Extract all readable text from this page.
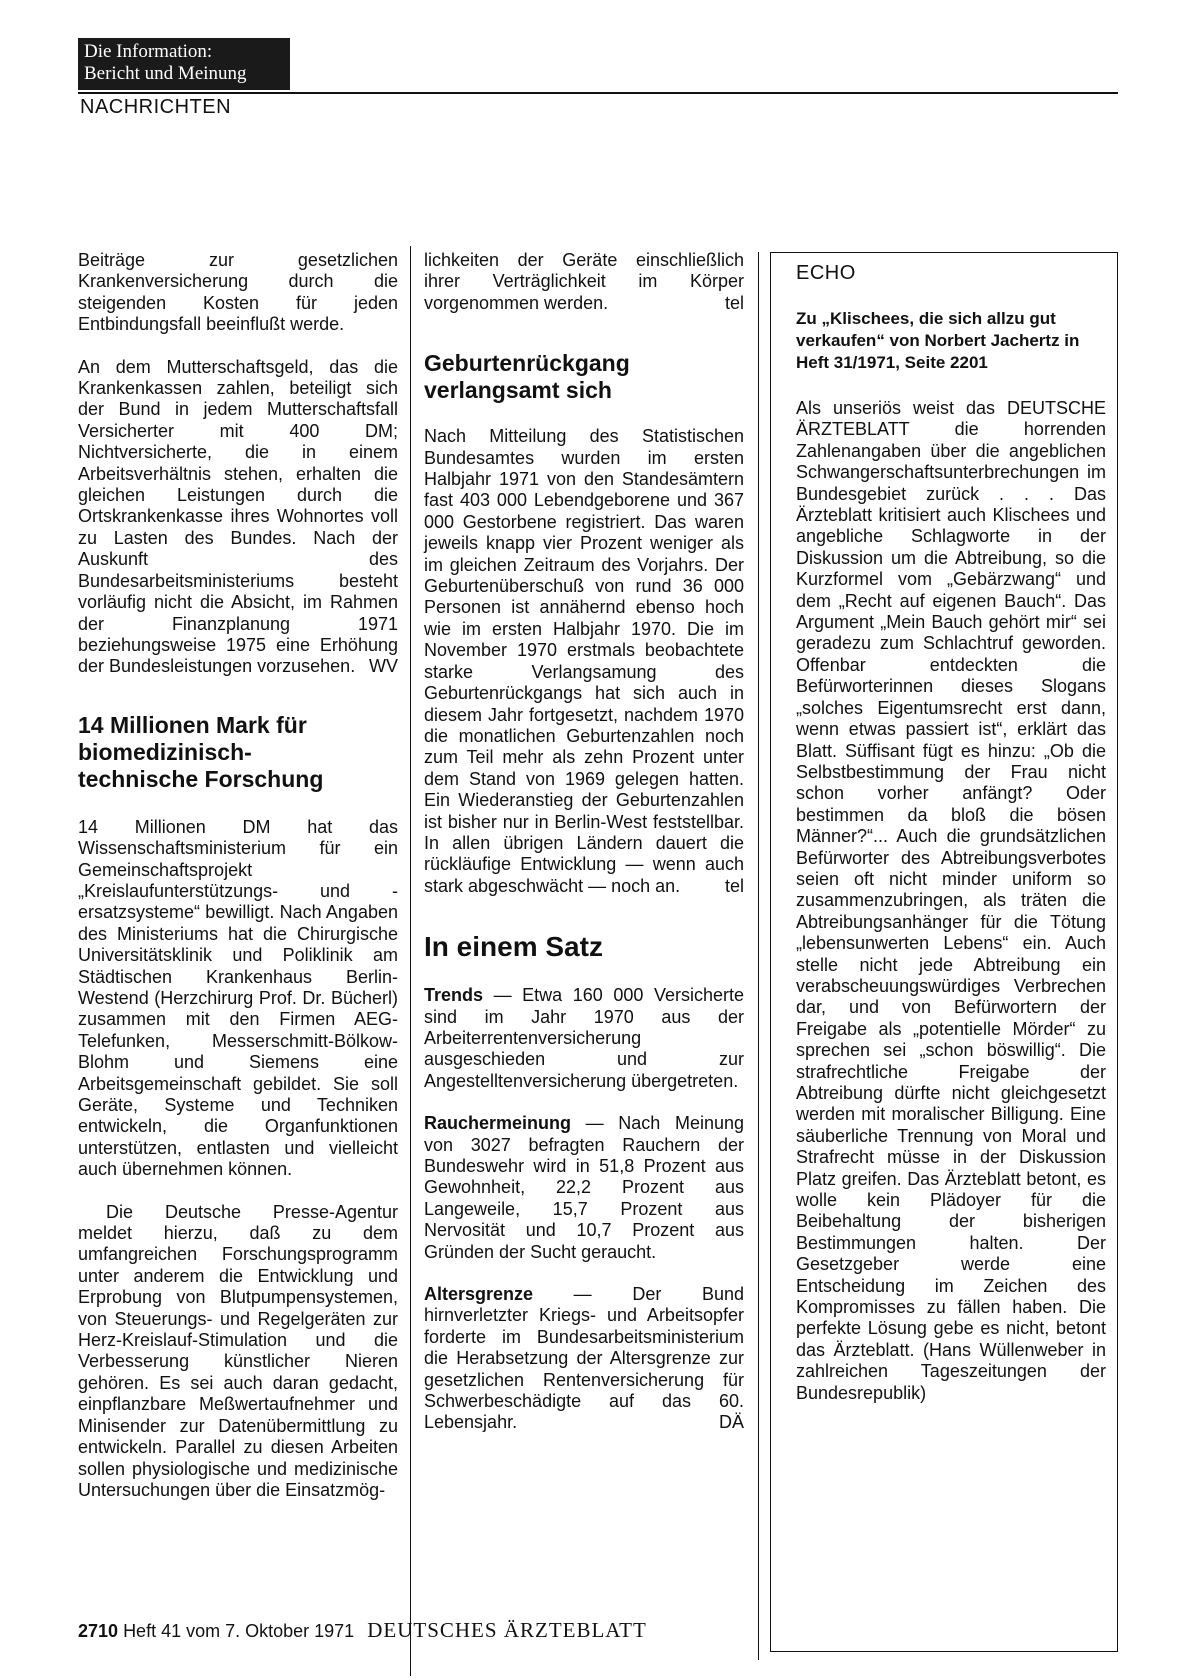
Die Information:
Bericht und Meinung
NACHRICHTEN

Beiträge zur gesetzlichen Krankenversicherung durch die steigenden Kosten für jeden Entbindungsfall beeinflußt werde.

An dem Mutterschaftsgeld, das die Krankenkassen zahlen, beteiligt sich der Bund in jedem Mutterschaftsfall Versicherter mit 400 DM; Nichtversicherte, die in einem Arbeitsverhältnis stehen, erhalten die gleichen Leistungen durch die Ortskrankenkasse ihres Wohnortes voll zu Lasten des Bundes. Nach der Auskunft des Bundesarbeitsministeriums besteht vorläufig nicht die Absicht, im Rahmen der Finanzplanung 1971 beziehungsweise 1975 eine Erhöhung der Bundesleistungen vorzusehen. WV

14 Millionen Mark für
biomedizinisch-
technische Forschung

14 Millionen DM hat das Wissenschaftsministerium für ein Gemeinschaftsprojekt „Kreislaufunterstützungs- und -ersatzsysteme“ bewilligt. Nach Angaben des Ministeriums hat die Chirurgische Universitätsklinik und Poliklinik am Städtischen Krankenhaus Berlin-Westend (Herzchirurg Prof. Dr. Bücherl) zusammen mit den Firmen AEG-Telefunken, Messerschmitt-Bölkow-Blohm und Siemens eine Arbeitsgemeinschaft gebildet. Sie soll Geräte, Systeme und Techniken entwickeln, die Organfunktionen unterstützen, entlasten und vielleicht auch übernehmen können.

Die Deutsche Presse-Agentur meldet hierzu, daß zu dem umfangreichen Forschungsprogramm unter anderem die Entwicklung und Erprobung von Blutpumpensystemen, von Steuerungs- und Regelgeräten zur Herz-Kreislauf-Stimulation und die Verbesserung künstlicher Nieren gehören. Es sei auch daran gedacht, einpflanzbare Meßwertaufnehmer und Minisender zur Datenübermittlung zu entwickeln. Parallel zu diesen Arbeiten sollen physiologische und medizinische Untersuchungen über die Einsatzmög-

lichkeiten der Geräte einschließlich ihrer Verträglichkeit im Körper vorgenommen werden.	tel

Geburtenrückgang
verlangsamt sich

Nach Mitteilung des Statistischen Bundesamtes wurden im ersten Halbjahr 1971 von den Standesämtern fast 403 000 Lebendgeborene und 367 000 Gestorbene registriert. Das waren jeweils knapp vier Prozent weniger als im gleichen Zeitraum des Vorjahrs. Der Geburtenüberschuß von rund 36 000 Personen ist annähernd ebenso hoch wie im ersten Halbjahr 1970. Die im November 1970 erstmals beobachtete starke Verlangsamung des Geburtenrückgangs hat sich auch in diesem Jahr fortgesetzt, nachdem 1970 die monatlichen Geburtenzahlen noch zum Teil mehr als zehn Prozent unter dem Stand von 1969 gelegen hatten. Ein Wiederanstieg der Geburtenzahlen ist bisher nur in Berlin-West feststellbar. In allen übrigen Ländern dauert die rückläufige Entwicklung — wenn auch stark abgeschwächt — noch an. tel

In einem Satz

Trends — Etwa 160 000 Versicherte sind im Jahr 1970 aus der Arbeiterrentenversicherung ausgeschieden und zur Angestelltenversicherung übergetreten.

Rauchermeinung — Nach Meinung von 3027 befragten Rauchern der Bundeswehr wird in 51,8 Prozent aus Gewohnheit, 22,2 Prozent aus Langeweile, 15,7 Prozent aus Nervosität und 10,7 Prozent aus Gründen der Sucht geraucht.

Altersgrenze — Der Bund hirnverletzter Kriegs- und Arbeitsopfer forderte im Bundesarbeitsministerium die Herabsetzung der Altersgrenze zur gesetzlichen Rentenversicherung für Schwerbeschädigte auf das 60. Lebensjahr.	DÄ

ECHO

Zu „Klischees, die sich allzu gut verkaufen“ von Norbert Jachertz in Heft 31/1971, Seite 2201

Als unseriös weist das DEUTSCHE ÄRZTEBLATT die horrenden Zahlenangaben über die angeblichen Schwangerschaftsunterbrechungen im Bundesgebiet zurück . . . Das Ärzteblatt kritisiert auch Klischees und angebliche Schlagworte in der Diskussion um die Abtreibung, so die Kurzformel vom „Gebärzwang“ und dem „Recht auf eigenen Bauch“. Das Argument „Mein Bauch gehört mir“ sei geradezu zum Schlachtruf geworden. Offenbar entdeckten die Befürworterinnen dieses Slogans „solches Eigentumsrecht erst dann, wenn etwas passiert ist“, erklärt das Blatt. Süffisant fügt es hinzu: „Ob die Selbstbestimmung der Frau nicht schon vorher anfängt? Oder bestimmen da bloß die bösen Männer?“... Auch die grundsätzlichen Befürworter des Abtreibungsverbotes seien oft nicht minder uniform so zusammenzubringen, als träten die Abtreibungsanhänger für die Tötung „lebensunwerten Lebens“ ein. Auch stelle nicht jede Abtreibung ein verabscheuungswürdiges Verbrechen dar, und von Befürwortern der Freigabe als „potentielle Mörder“ zu sprechen sei „schon böswillig“. Die strafrechtliche Freigabe der Abtreibung dürfte nicht gleichgesetzt werden mit moralischer Billigung. Eine säuberliche Trennung von Moral und Strafrecht müsse in der Diskussion Platz greifen. Das Ärzteblatt betont, es wolle kein Plädoyer für die Beibehaltung der bisherigen Bestimmungen halten. Der Gesetzgeber werde eine Entscheidung im Zeichen des Kompromisses zu fällen haben. Die perfekte Lösung gebe es nicht, betont das Ärzteblatt. (Hans Wüllenweber in zahlreichen Tageszeitungen der Bundesrepublik)

2710 Heft 41 vom 7. Oktober 1971 DEUTSCHES ÄRZTEBLATT
